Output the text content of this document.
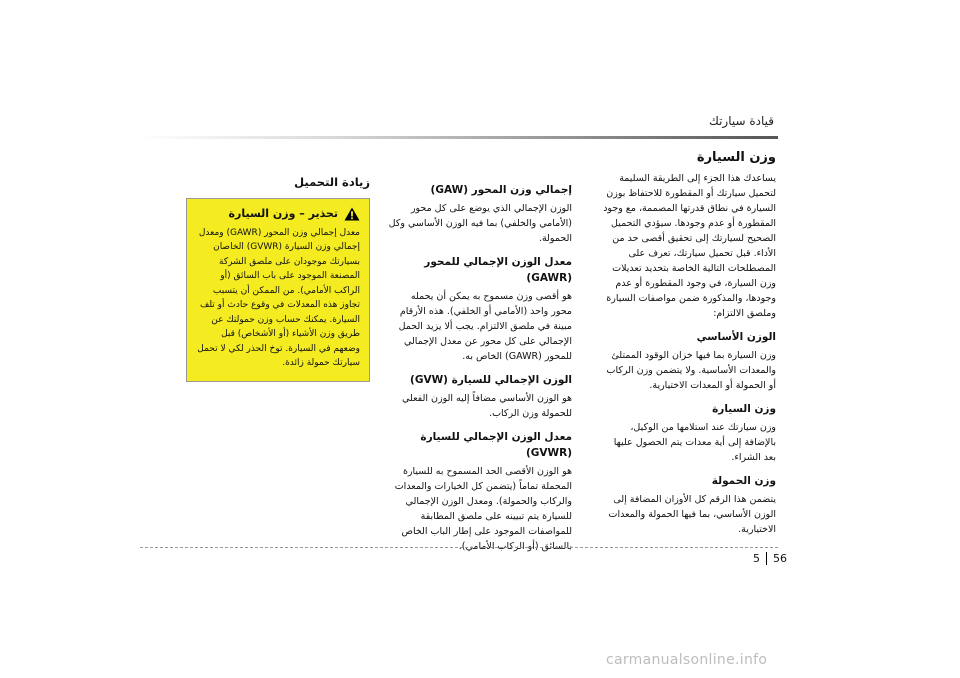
قيادة سيارتك
وزن السيارة
يساعدك هذا الجزء إلى الطريقة السليمة لتحميل سيارتك أو المقطورة للاحتفاظ بوزن السيارة في نطاق قدرتها المصممة، مع وجود المقطورة أو عدم وجودها. سيؤدي التحميل الصحيح لسيارتك إلى تحقيق أقصى حد من الأداء. قبل تحميل سيارتك، تعرف على المصطلحات التالية الخاصة بتحديد تعديلات وزن السيارة، في وجود المقطورة أو عدم وجودها، والمذكورة ضمن مواصفات السيارة وملصق الالتزام:
الوزن الأساسي
وزن السيارة بما فيها خزان الوقود الممتلئ والمعدات الأساسية. ولا يتضمن وزن الركاب أو الحمولة أو المعدات الاختيارية.
وزن السيارة
وزن سيارتك عند استلامها من الوكيل، بالإضافة إلى أية معدات يتم الحصول عليها بعد الشراء.
وزن الحمولة
يتضمن هذا الرقم كل الأوزان المضافة إلى الوزن الأساسي، بما فيها الحمولة والمعدات الاختيارية.
إجمالي وزن المحور (GAW)
الوزن الإجمالي الذي يوضع على كل محور (الأمامي والخلفي) بما فيه الوزن الأساسي وكل الحمولة.
معدل الوزن الإجمالي للمحور (GAWR)
هو أقصى وزن مسموح به يمكن أن يحمله محور واحد (الأمامي أو الخلفي). هذه الأرقام مبينة في ملصق الالتزام. يجب ألا يزيد الحمل الإجمالي على كل محور عن معدل الإجمالي للمحور (GAWR) الخاص به.
الوزن الإجمالي للسيارة (GVW)
هو الوزن الأساسي مضافاً إليه الوزن الفعلي للحمولة وزن الركاب.
معدل الوزن الإجمالي للسيارة (GVWR)
هو الوزن الأقصى الحد المسموح به للسيارة المحملة تماماً (يتضمن كل الخيارات والمعدات والركاب والحمولة). ومعدل الوزن الإجمالي للسيارة يتم تبيينه على ملصق المطابقة للمواصفات الموجود على إطار الباب الخاص بالسائق (أو الركاب الأمامي).
زيادة التحميل
تحذير – وزن السيارة
معدل إجمالي وزن المحور (GAWR) ومعدل إجمالي وزن السيارة (GVWR) الخاصان بسيارتك موجودان على ملصق الشركة المصنعة الموجود على باب السائق (أو الراكب الأمامي). من الممكن أن يتسبب تجاوز هذه المعدلات في وقوع حادث أو تلف السيارة. يمكنك حساب وزن حمولتك عن طريق وزن الأشياء (أو الأشخاص) قبل وضعهم في السيارة. توخ الحذر لكي لا تحمل سيارتك حمولة زائدة.
5 56
carmanualsonline.info
